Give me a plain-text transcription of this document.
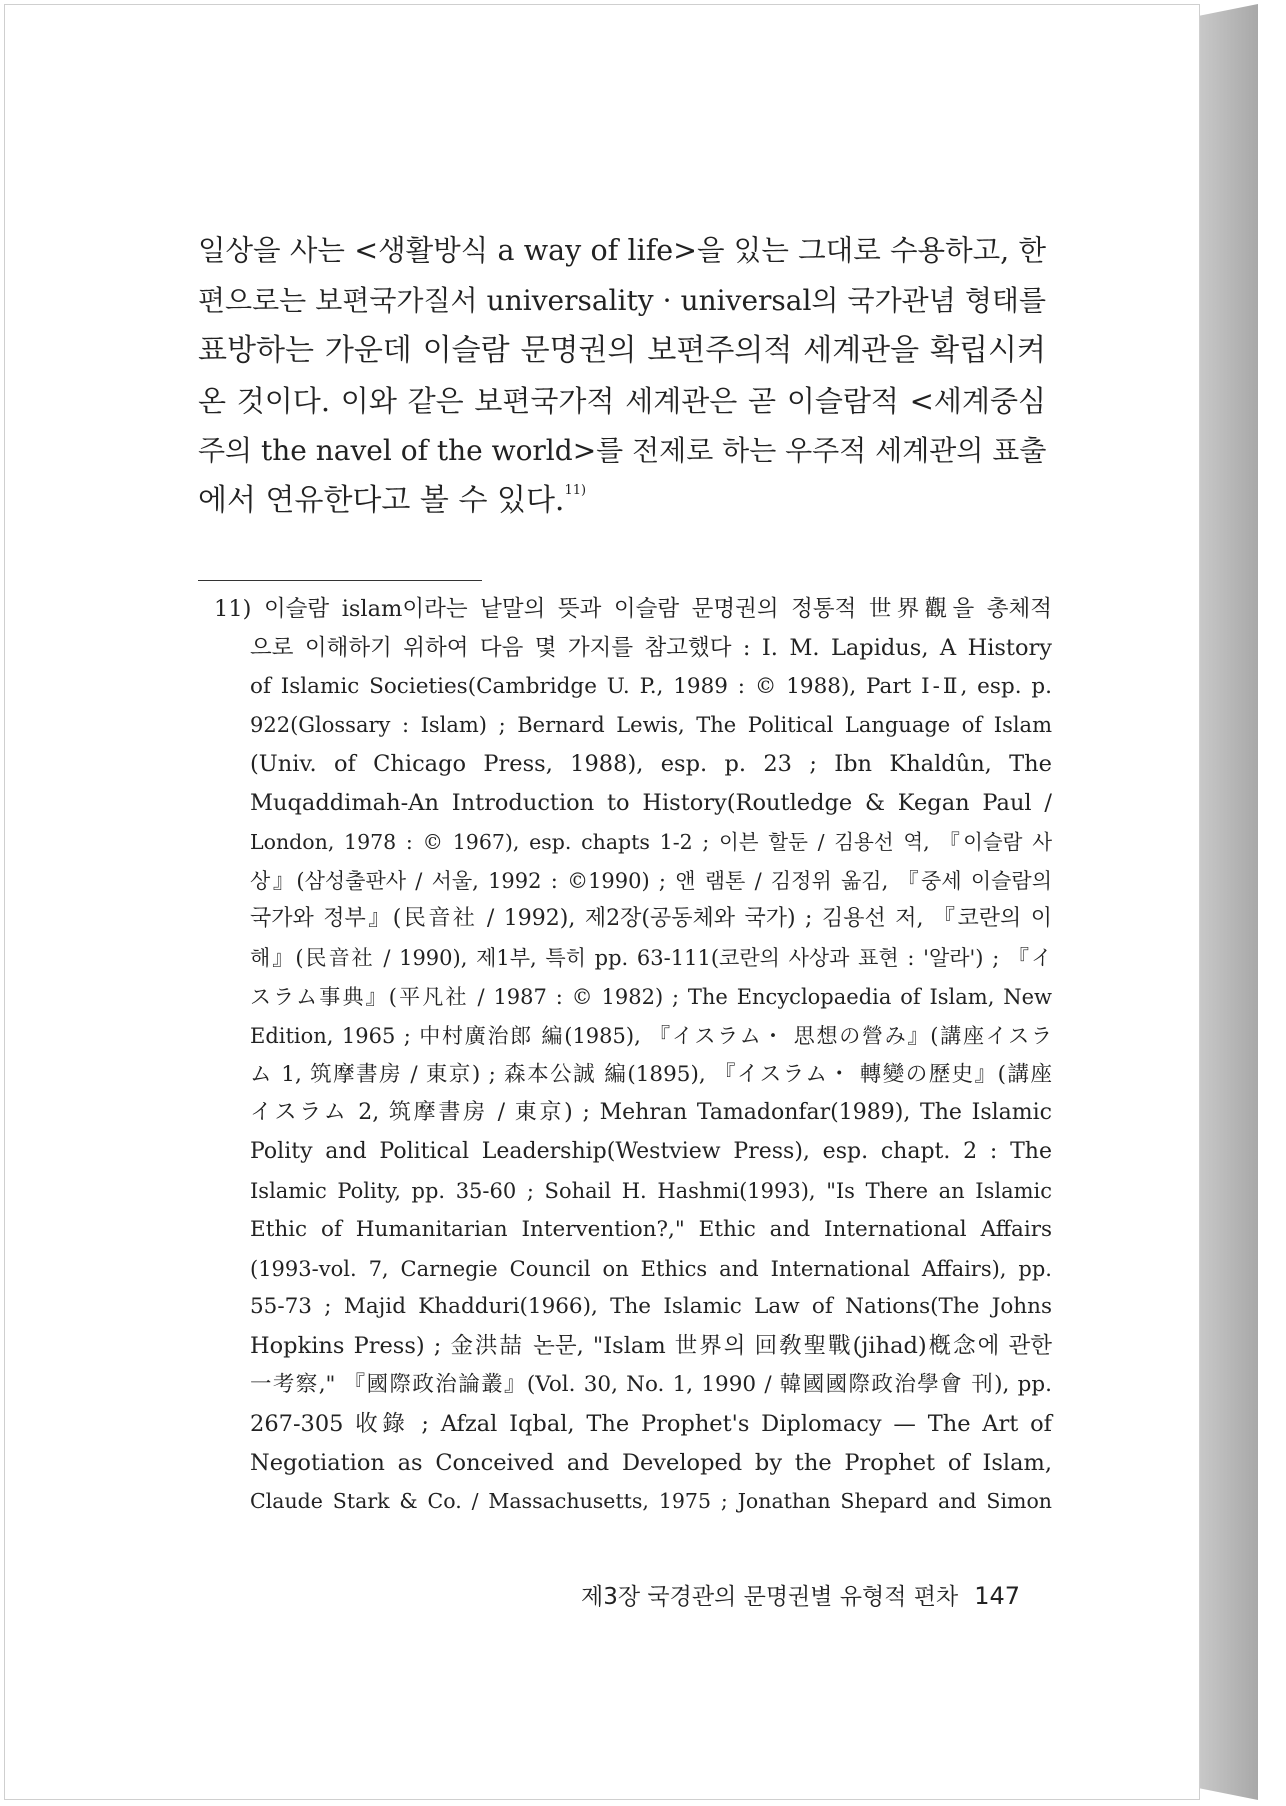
일상을 사는 <생활방식 a way of life>을 있는 그대로 수용하고, 한
편으로는 보편국가질서 universality · universal의 국가관념 형태를
표방하는 가운데 이슬람 문명권의 보편주의적 세계관을 확립시켜
온 것이다. 이와 같은 보편국가적 세계관은 곧 이슬람적 <세계중심
주의 the navel of the world>를 전제로 하는 우주적 세계관의 표출
에서 연유한다고 볼 수 있다.$^{11)}$
11) 이슬람 islam이라는 낱말의 뜻과 이슬람 문명권의 정통적 世界觀을 총체적
으로 이해하기 위하여 다음 몇 가지를 참고했다 : I. M. Lapidus, A History
of Islamic Societies(Cambridge U. P., 1989 : © 1988), Part Ⅰ-Ⅱ, esp. p.
922(Glossary : Islam) ; Bernard Lewis, The Political Language of Islam
(Univ. of Chicago Press, 1988), esp. p. 23 ; Ibn Khaldûn, The
Muqaddimah-An Introduction to History(Routledge & Kegan Paul /
London, 1978 : © 1967), esp. chapts 1-2 ; 이븐 할둔 / 김용선 역, 『이슬람 사
상』(삼성출판사 / 서울, 1992 : ©1990) ; 앤 램톤 / 김정위 옮김, 『중세 이슬람의
국가와 정부』(民音社 / 1992), 제2장(공동체와 국가) ; 김용선 저, 『코란의 이
해』(民音社 / 1990), 제1부, 특히 pp. 63-111(코란의 사상과 표현 : '알라') ; 『イ
スラム事典』(平凡社 / 1987 : © 1982) ; The Encyclopaedia of Islam, New
Edition, 1965 ; 中村廣治郎 編(1985), 『イスラム・ 思想の營み』(講座イスラ
ム 1, 筑摩書房 / 東京) ; 森本公誠 編(1895), 『イスラム・ 轉變の歷史』(講座
イスラム 2, 筑摩書房 / 東京) ; Mehran Tamadonfar(1989), The Islamic
Polity and Political Leadership(Westview Press), esp. chapt. 2 : The
Islamic Polity, pp. 35-60 ; Sohail H. Hashmi(1993), "Is There an Islamic
Ethic of Humanitarian Intervention?," Ethic and International Affairs
(1993-vol. 7, Carnegie Council on Ethics and International Affairs), pp.
55-73 ; Majid Khadduri(1966), The Islamic Law of Nations(The Johns
Hopkins Press) ; 金洪喆 논문, "Islam 世界의 回敎聖戰(jihad)槪念에 관한
一考察," 『國際政治論叢』(Vol. 30, No. 1, 1990 / 韓國國際政治學會 刊), pp.
267-305 收錄 ; Afzal Iqbal, The Prophet's Diplomacy — The Art of
Negotiation as Conceived and Developed by the Prophet of Islam,
Claude Stark & Co. / Massachusetts, 1975 ; Jonathan Shepard and Simon
제3장 국경관의 문명권별 유형적 편차 147
